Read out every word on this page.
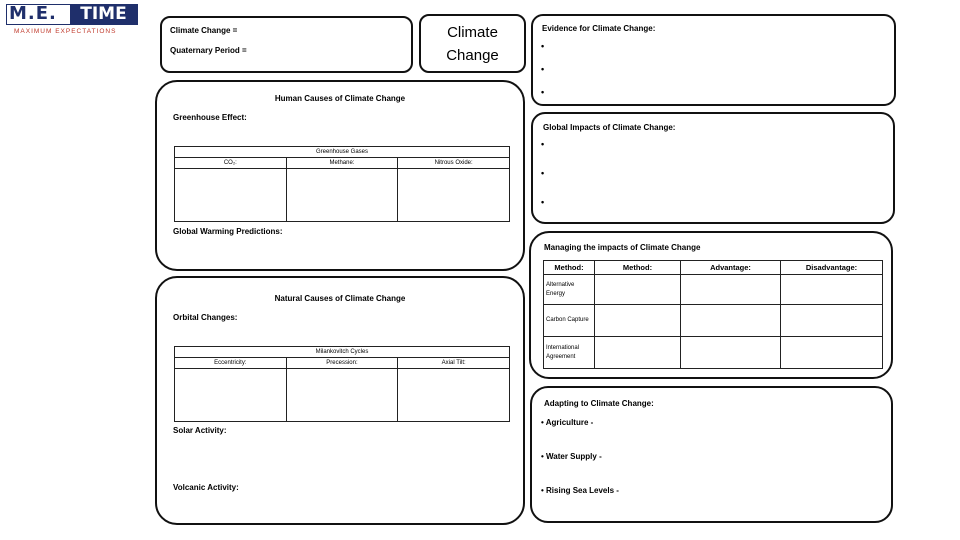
M.E.	TIME
MAXIMUM EXPECTATIONS	Climate Change =
Quaternary Period =
Climate
Change
Evidence for Climate Change:
•
•
•
Human Causes of Climate Change
Greenhouse Effect:
Greenhouse Gases		
CO₂:	Methane:	Nitrous Oxide:

Global Warming Predictions:
Global Impacts of Climate Change:
•
•
•
Managing the impacts of Climate Change
Method:	Method:	Advantage:	Disadvantage:
Alternative Energy			
Carbon Capture			
International Agreement			
Natural Causes of Climate Change
Orbital Changes:
Milankovitch Cycles		
Eccentricity:	Precession:	Axial Tilt:

Solar Activity:
Volcanic Activity:
Adapting to Climate Change:
• Agriculture -
• Water Supply -
• Rising Sea Levels -
